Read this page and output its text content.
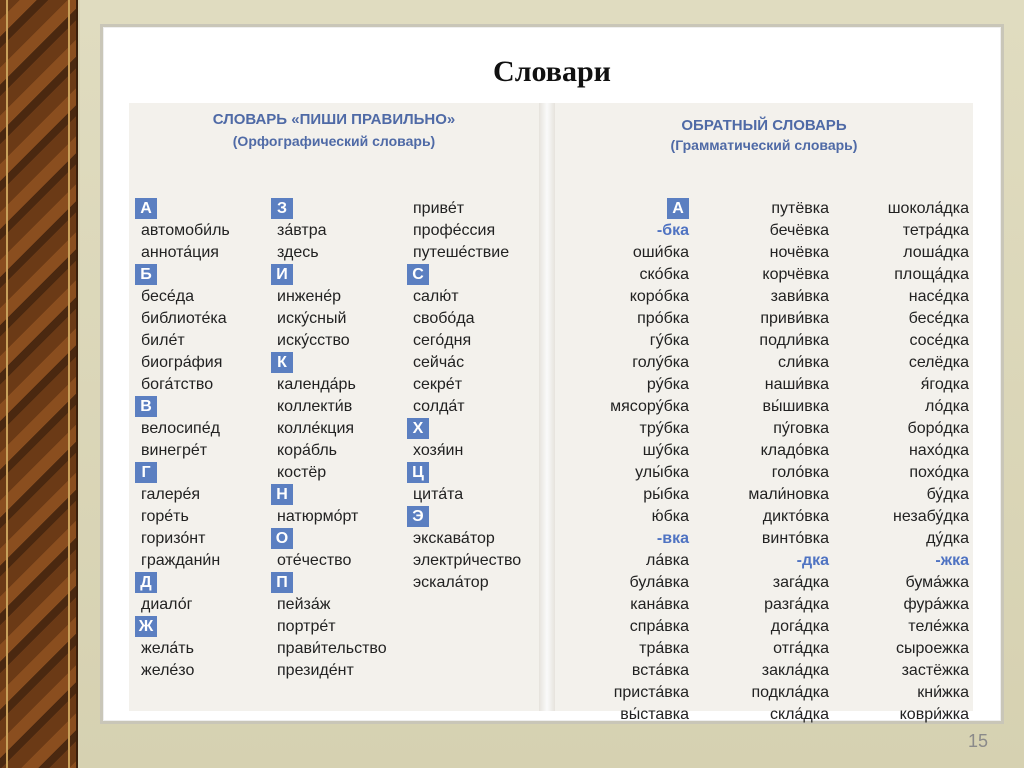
Словари
СЛОВАРЬ «ПИШИ ПРАВИЛЬНО»
(Орфографический словарь)
А
автомоби́ль
аннота́ция
Б
бесе́да
библиоте́ка
биле́т
биогра́фия
бога́тство
В
велосипе́д
винегре́т
Г
галере́я
горе́ть
горизо́нт
граждани́н
Д
диало́г
Ж
жела́ть
желе́зо
З
за́втра
здесь
И
инжене́р
иску́сный
иску́сство
К
календа́рь
коллекти́в
колле́кция
кора́бль
костёр
Н
натюрмо́рт
О
оте́чество
П
пейза́ж
портре́т
прави́тельство
президе́нт
приве́т
профе́ссия
путеше́ствие
С
салю́т
свобо́да
сего́дня
сейча́с
секре́т
солда́т
Х
хозя́ин
Ц
цита́та
Э
экскава́тор
электри́чество
эскала́тор
ОБРАТНЫЙ СЛОВАРЬ
(Грамматический словарь)
А
-бка
оши́бка
ско́бка
коро́бка
про́бка
гу́бка
голу́бка
ру́бка
мясору́бка
тру́бка
шу́бка
улы́бка
ры́бка
ю́бка
-вка
ла́вка
була́вка
кана́вка
спра́вка
тра́вка
вста́вка
приста́вка
вы́ставка
путёвка
бечёвка
ночёвка
корчёвка
зави́вка
приви́вка
подли́вка
сли́вка
наши́вка
вы́шивка
пу́говка
кладо́вка
голо́вка
мали́новка
дикто́вка
винто́вка
-дка
зага́дка
разга́дка
дога́дка
отга́дка
закла́дка
подкла́дка
скла́дка
шокола́дка
тетра́дка
лоша́дка
площа́дка
насе́дка
бесе́дка
сосе́дка
селёдка
я́годка
ло́дка
боро́дка
нахо́дка
похо́дка
бу́дка
незабу́дка
ду́дка
-жка
бума́жка
фура́жка
теле́жка
сыроежка
застёжка
кни́жка
коври́жка
15
